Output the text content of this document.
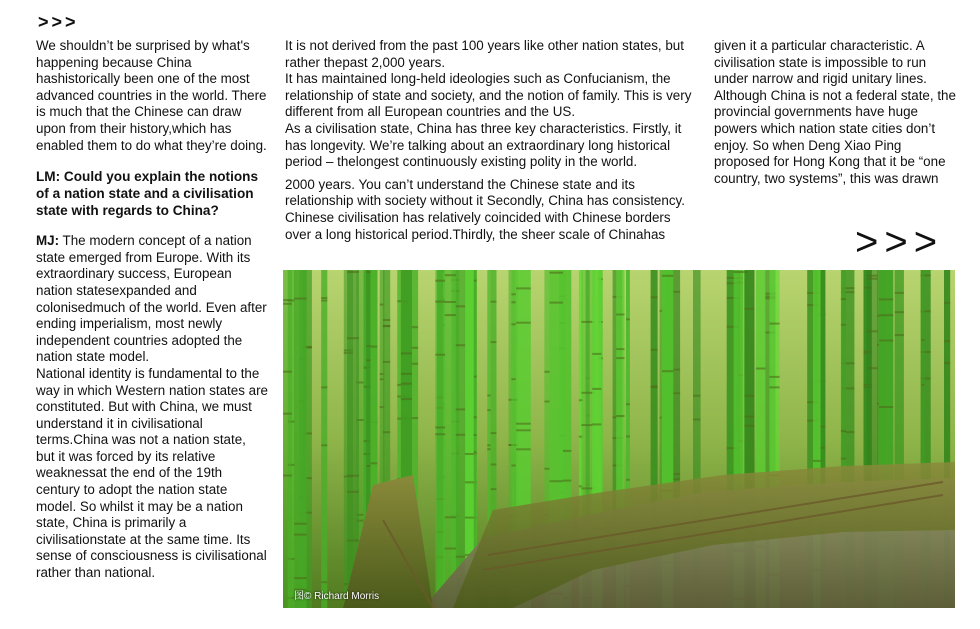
>>>

We shouldn’t be surprised by what's happening because China hashistorically been one of the most advanced countries in the world. There is much that the Chinese can draw upon from their history,which has enabled them to do what they’re doing.

LM: Could you explain the notions of a nation state and a civilisation state with regards to China?

MJ: The modern concept of a nation state emerged from Europe. With its extraordinary success, European nation statesexpanded and colonisedmuch of the world. Even after ending imperialism, most newly independent countries adopted the nation state model.

National identity is fundamental to the way in which Western nation states are constituted. But with China, we must understand it in civilisational terms.China was not a nation state, but it was forced by its relative weaknessat the end of the 19th century to adopt the nation state model. So whilst it may be a nation state, China is primarily a civilisationstate at the same time. Its sense of consciousness is civilisational rather than national.

It is not derived from the past 100 years like other nation states, but rather thepast 2,000 years.

It has maintained long-held ideologies such as Confucianism, the relationship of state and society, and the notion of family. This is very different from all European countries and the US.

As a civilisation state, China has three key characteristics. Firstly, it has longevity. We’re talking about an extraordinary long historical period – thelongest continuously existing polity in the world.

2000 years. You can’t understand the Chinese state and its relationship with society without it Secondly, China has consistency. Chinese civilisation has relatively coincided with Chinese borders over a long historical period.Thirdly, the sheer scale of Chinahas

given it a particular characteristic. A civilisation state is impossible to run under narrow and rigid unitary lines. Although China is not a federal state, the provincial governments have huge powers which nation state cities don’t enjoy. So when Deng Xiao Ping proposed for Hong Kong that it be “one country, two systems”, this was drawn

>>>
图© Richard Morris
